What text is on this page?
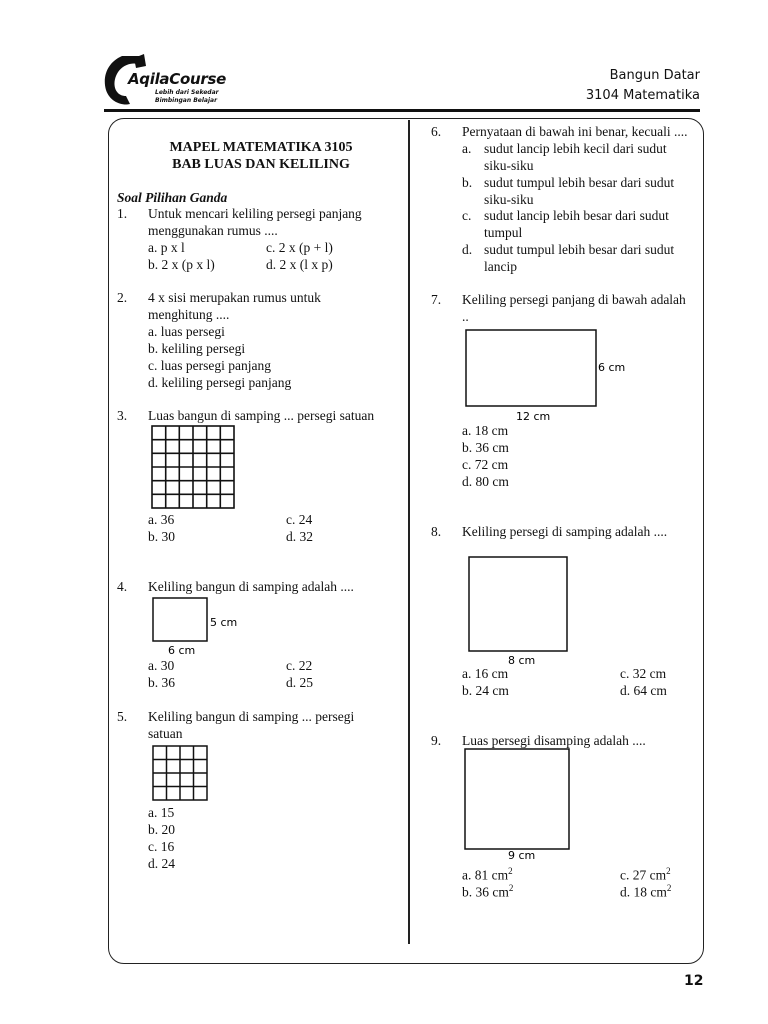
AqilaCourse
Lebih dari Sekedar
Bimbingan Belajar
Bangun Datar
3104 Matematika
MAPEL MATEMATIKA 3105
BAB LUAS DAN KELILING
Soal Pilihan Ganda
1. Untuk mencari keliling persegi panjang
menggunakan rumus ....
a. p x l
b. 2 x (p x l)
c. 2 x (p + l)
d. 2 x (l x p)
2. 4 x sisi merupakan rumus untuk
menghitung ....
a. luas persegi
b. keliling persegi
c. luas persegi panjang
d. keliling persegi panjang
3. Luas bangun di samping ... persegi satuan
a. 36
b. 30
c. 24
d. 32
4. Keliling bangun di samping adalah ....
5 cm
6 cm
a. 30
b. 36
c. 22
d. 25
5. Keliling bangun di samping ... persegi
satuan
a. 15
b. 20
c. 16
d. 24
6. Pernyataan di bawah ini benar, kecuali ....
a. sudut lancip lebih kecil dari sudut
siku-siku
b. sudut tumpul lebih besar dari sudut
siku-siku
c. sudut lancip lebih besar dari sudut
tumpul
d. sudut tumpul lebih besar dari sudut
lancip
7. Keliling persegi panjang di bawah adalah
..
6 cm
12 cm
a. 18 cm
b. 36 cm
c. 72 cm
d. 80 cm
8. Keliling persegi di samping adalah ....
8 cm
a. 16 cm
b. 24 cm
c. 32 cm
d. 64 cm
9. Luas persegi disamping adalah ....
9 cm
a. 81 $cm^2$
b. 36 $cm^2$
c. 27 $cm^2$
d. 18 $cm^2$
12
